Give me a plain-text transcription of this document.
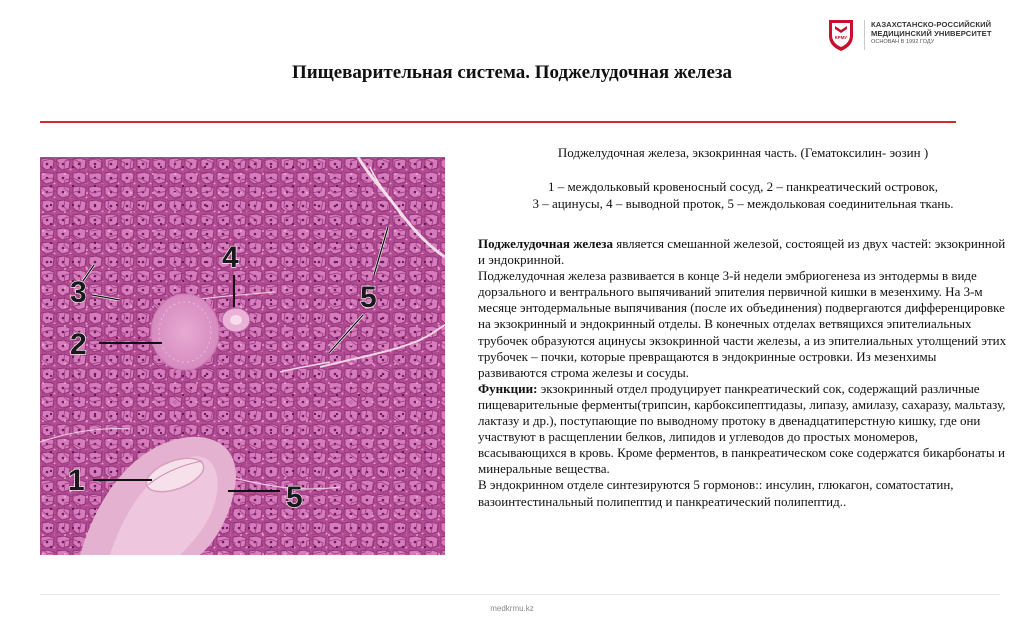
КРМУ
КАЗАХСТАНСКО-РОССИЙСКИЙ
МЕДИЦИНСКИЙ УНИВЕРСИТЕТ
ОСНОВАН В 1992 ГОДУ
Пищеварительная система. Поджелудочная железа
3
2
4
5
1
5
Поджелудочная железа, экзокринная часть. (Гематоксилин- эозин )
1 – междольковый кровеносный сосуд, 2 – панкреатический островок,
3 – ацинусы, 4 – выводной проток, 5 – междольковая соединительная ткань.

Поджелудочная железа является смешанной железой, состоящей из двух частей: экзокринной и эндокринной.

Поджелудочная железа развивается в конце 3-й недели эмбриогенеза из энтодермы в виде дорзального и вентрального выпячиваний эпителия первичной кишки в мезенхиму. На 3-м месяце энтодермальные выпячивания (после их объединения) подвергаются дифференцировке на экзокринный и эндокринный отделы. В конечных отделах ветвящихся эпителиальных трубочек образуются ацинусы экзокринной части железы, а из эпителиальных утолщений этих трубочек – почки, которые превращаются в эндокринные островки. Из мезенхимы развиваются строма железы и сосуды.

Функции: экзокринный отдел продуцирует панкреатический сок, содержащий различные пищеварительные ферменты(трипсин, карбоксипептидазы, липазу, амилазу, сахаразу, мальтазу, лактазу и др.), поступающие по выводному протоку в двенадцатиперстную кишку, где они участвуют в расщеплении белков, липидов и углеводов до простых мономеров, всасывающихся в кровь. Кроме ферментов, в панкреатическом соке содержатся бикарбонаты и минеральные вещества.

В эндокринном отделе синтезируются 5 гормонов:: инсулин, глюкагон, соматостатин, вазоинтестинальный полипептид и панкреатический полипептид..

medkrmu.kz
